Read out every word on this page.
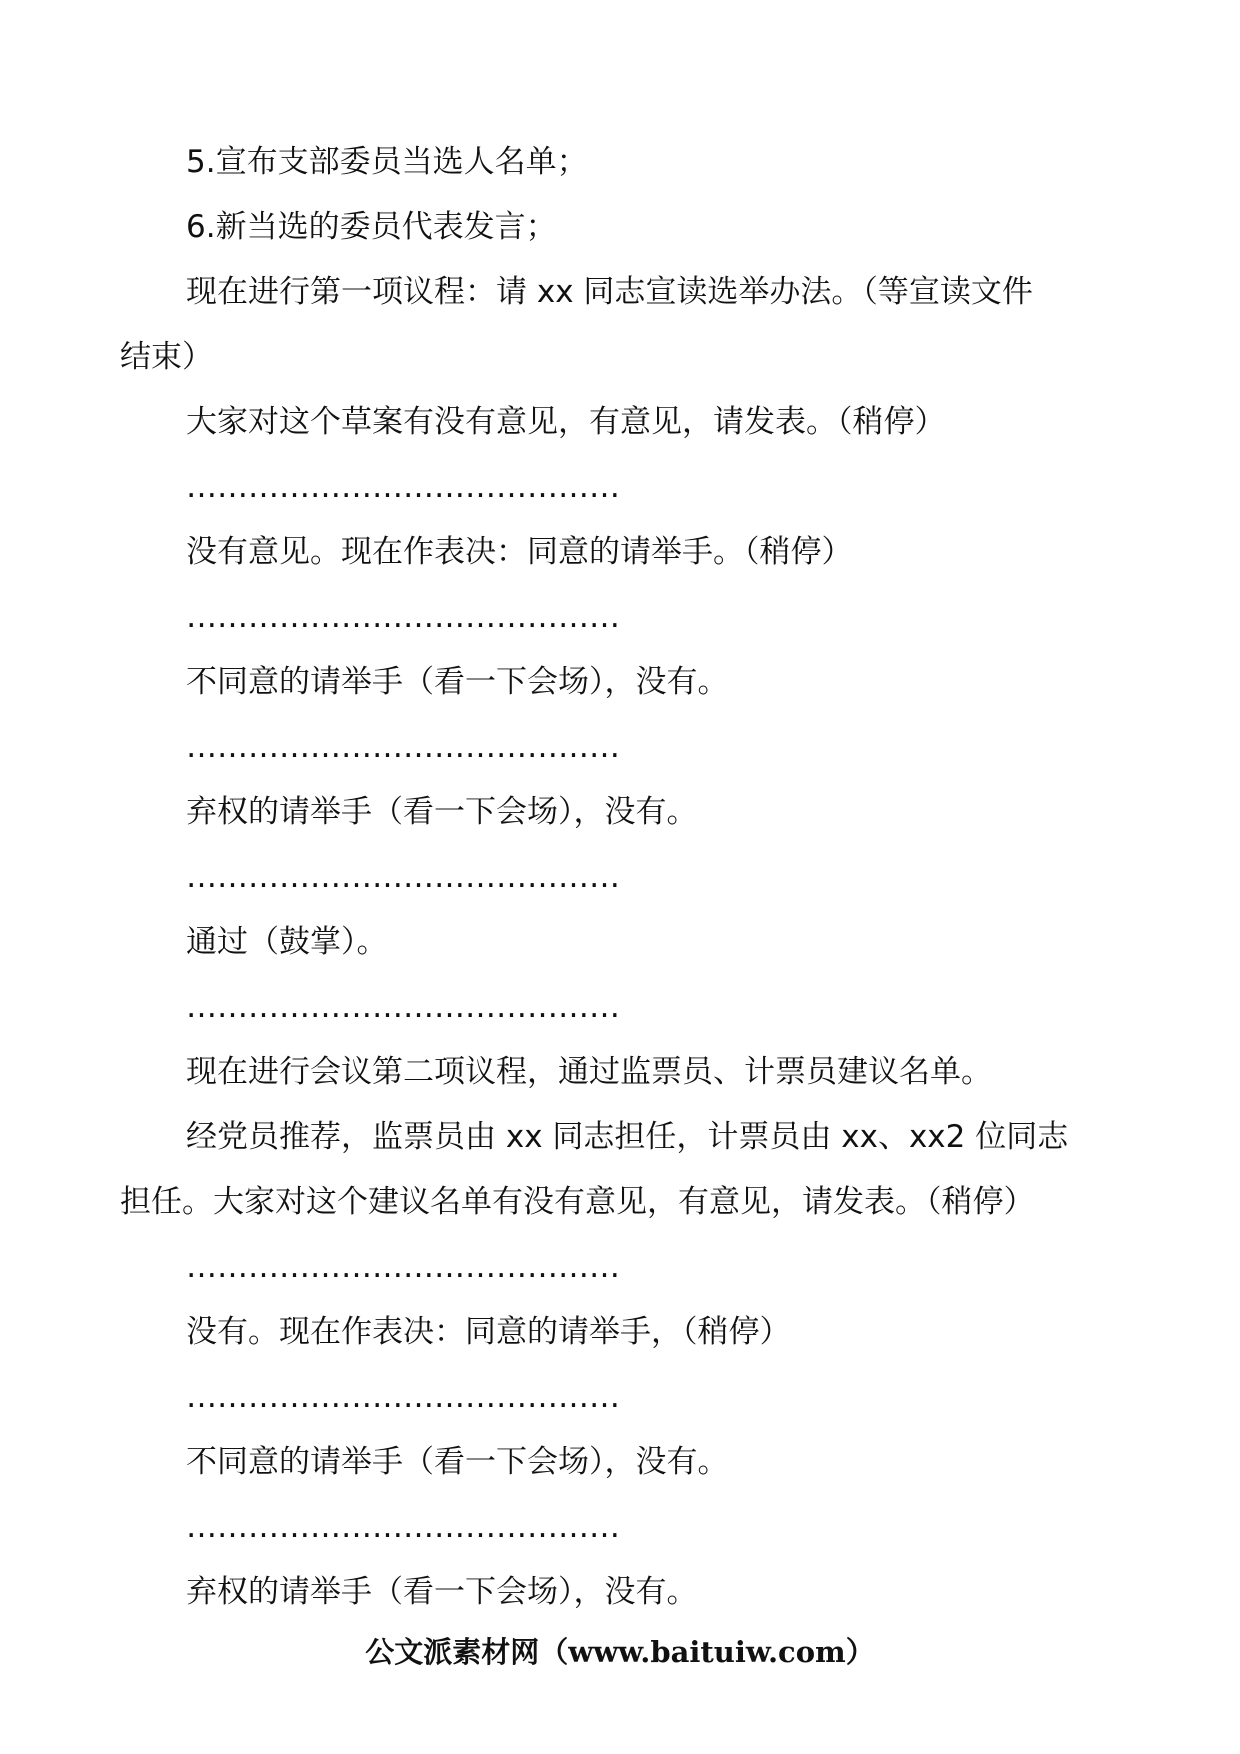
5.宣布支部委员当选人名单；

6.新当选的委员代表发言；

现在进行第一项议程：请 xx 同志宣读选举办法。（等宣读文件

结束）

大家对这个草案有没有意见，有意见，请发表。（稍停）

……………………………………

没有意见。现在作表决：同意的请举手。（稍停）

……………………………………

不同意的请举手（看一下会场），没有。

……………………………………

弃权的请举手（看一下会场），没有。

……………………………………

通过（鼓掌）。

……………………………………

现在进行会议第二项议程，通过监票员、计票员建议名单。

经党员推荐，监票员由 xx 同志担任，计票员由 xx、xx2 位同志

担任。大家对这个建议名单有没有意见，有意见，请发表。（稍停）

……………………………………

没有。现在作表决：同意的请举手，（稍停）

……………………………………

不同意的请举手（看一下会场），没有。

……………………………………

弃权的请举手（看一下会场），没有。

公文派素材网（www.baituiw.com）
